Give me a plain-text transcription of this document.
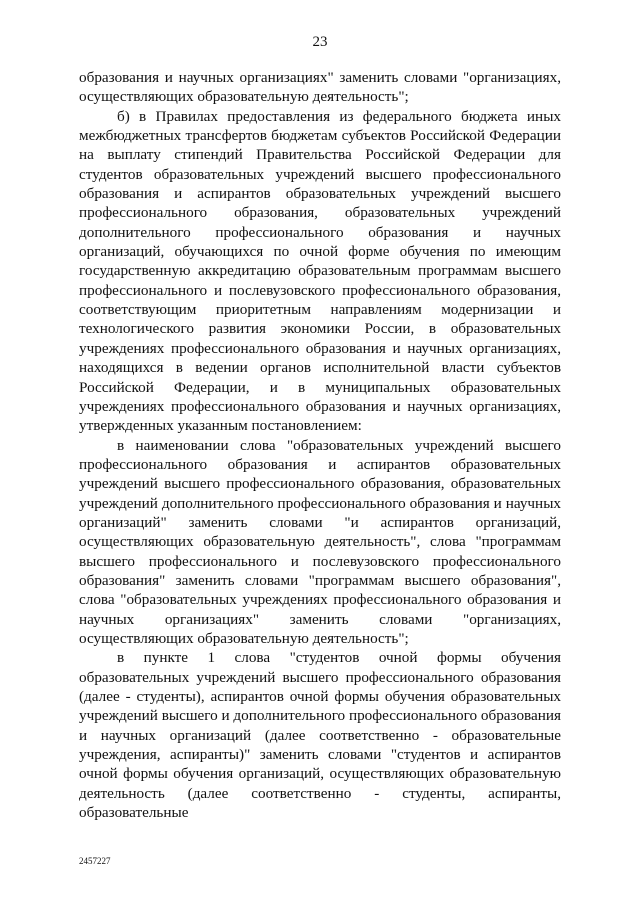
23

образования и научных организациях" заменить словами "организациях, осуществляющих образовательную деятельность";

б) в Правилах предоставления из федерального бюджета иных межбюджетных трансфертов бюджетам субъектов Российской Федерации на выплату стипендий Правительства Российской Федерации для студентов образовательных учреждений высшего профессионального образования и аспирантов образовательных учреждений высшего профессионального образования, образовательных учреждений дополнительного профессионального образования и научных организаций, обучающихся по очной форме обучения по имеющим государственную аккредитацию образовательным программам высшего профессионального и послевузовского профессионального образования, соответствующим приоритетным направлениям модернизации и технологического развития экономики России, в образовательных учреждениях профессионального образования и научных организациях, находящихся в ведении органов исполнительной власти субъектов Российской Федерации, и в муниципальных образовательных учреждениях профессионального образования и научных организациях, утвержденных указанным постановлением:

в наименовании слова "образовательных учреждений высшего профессионального образования и аспирантов образовательных учреждений высшего профессионального образования, образовательных учреждений дополнительного профессионального образования и научных организаций" заменить словами "и аспирантов организаций, осуществляющих образовательную деятельность", слова "программам высшего профессионального и послевузовского профессионального образования" заменить словами "программам высшего образования", слова "образовательных учреждениях профессионального образования и научных организациях" заменить словами "организациях, осуществляющих образовательную деятельность";

в пункте 1 слова "студентов очной формы обучения образовательных учреждений высшего профессионального образования (далее - студенты), аспирантов очной формы обучения образовательных учреждений высшего и дополнительного профессионального образования и научных организаций (далее соответственно - образовательные учреждения, аспиранты)" заменить словами "студентов и аспирантов очной формы обучения организаций, осуществляющих образовательную деятельность (далее соответственно - студенты, аспиранты, образовательные

2457227
